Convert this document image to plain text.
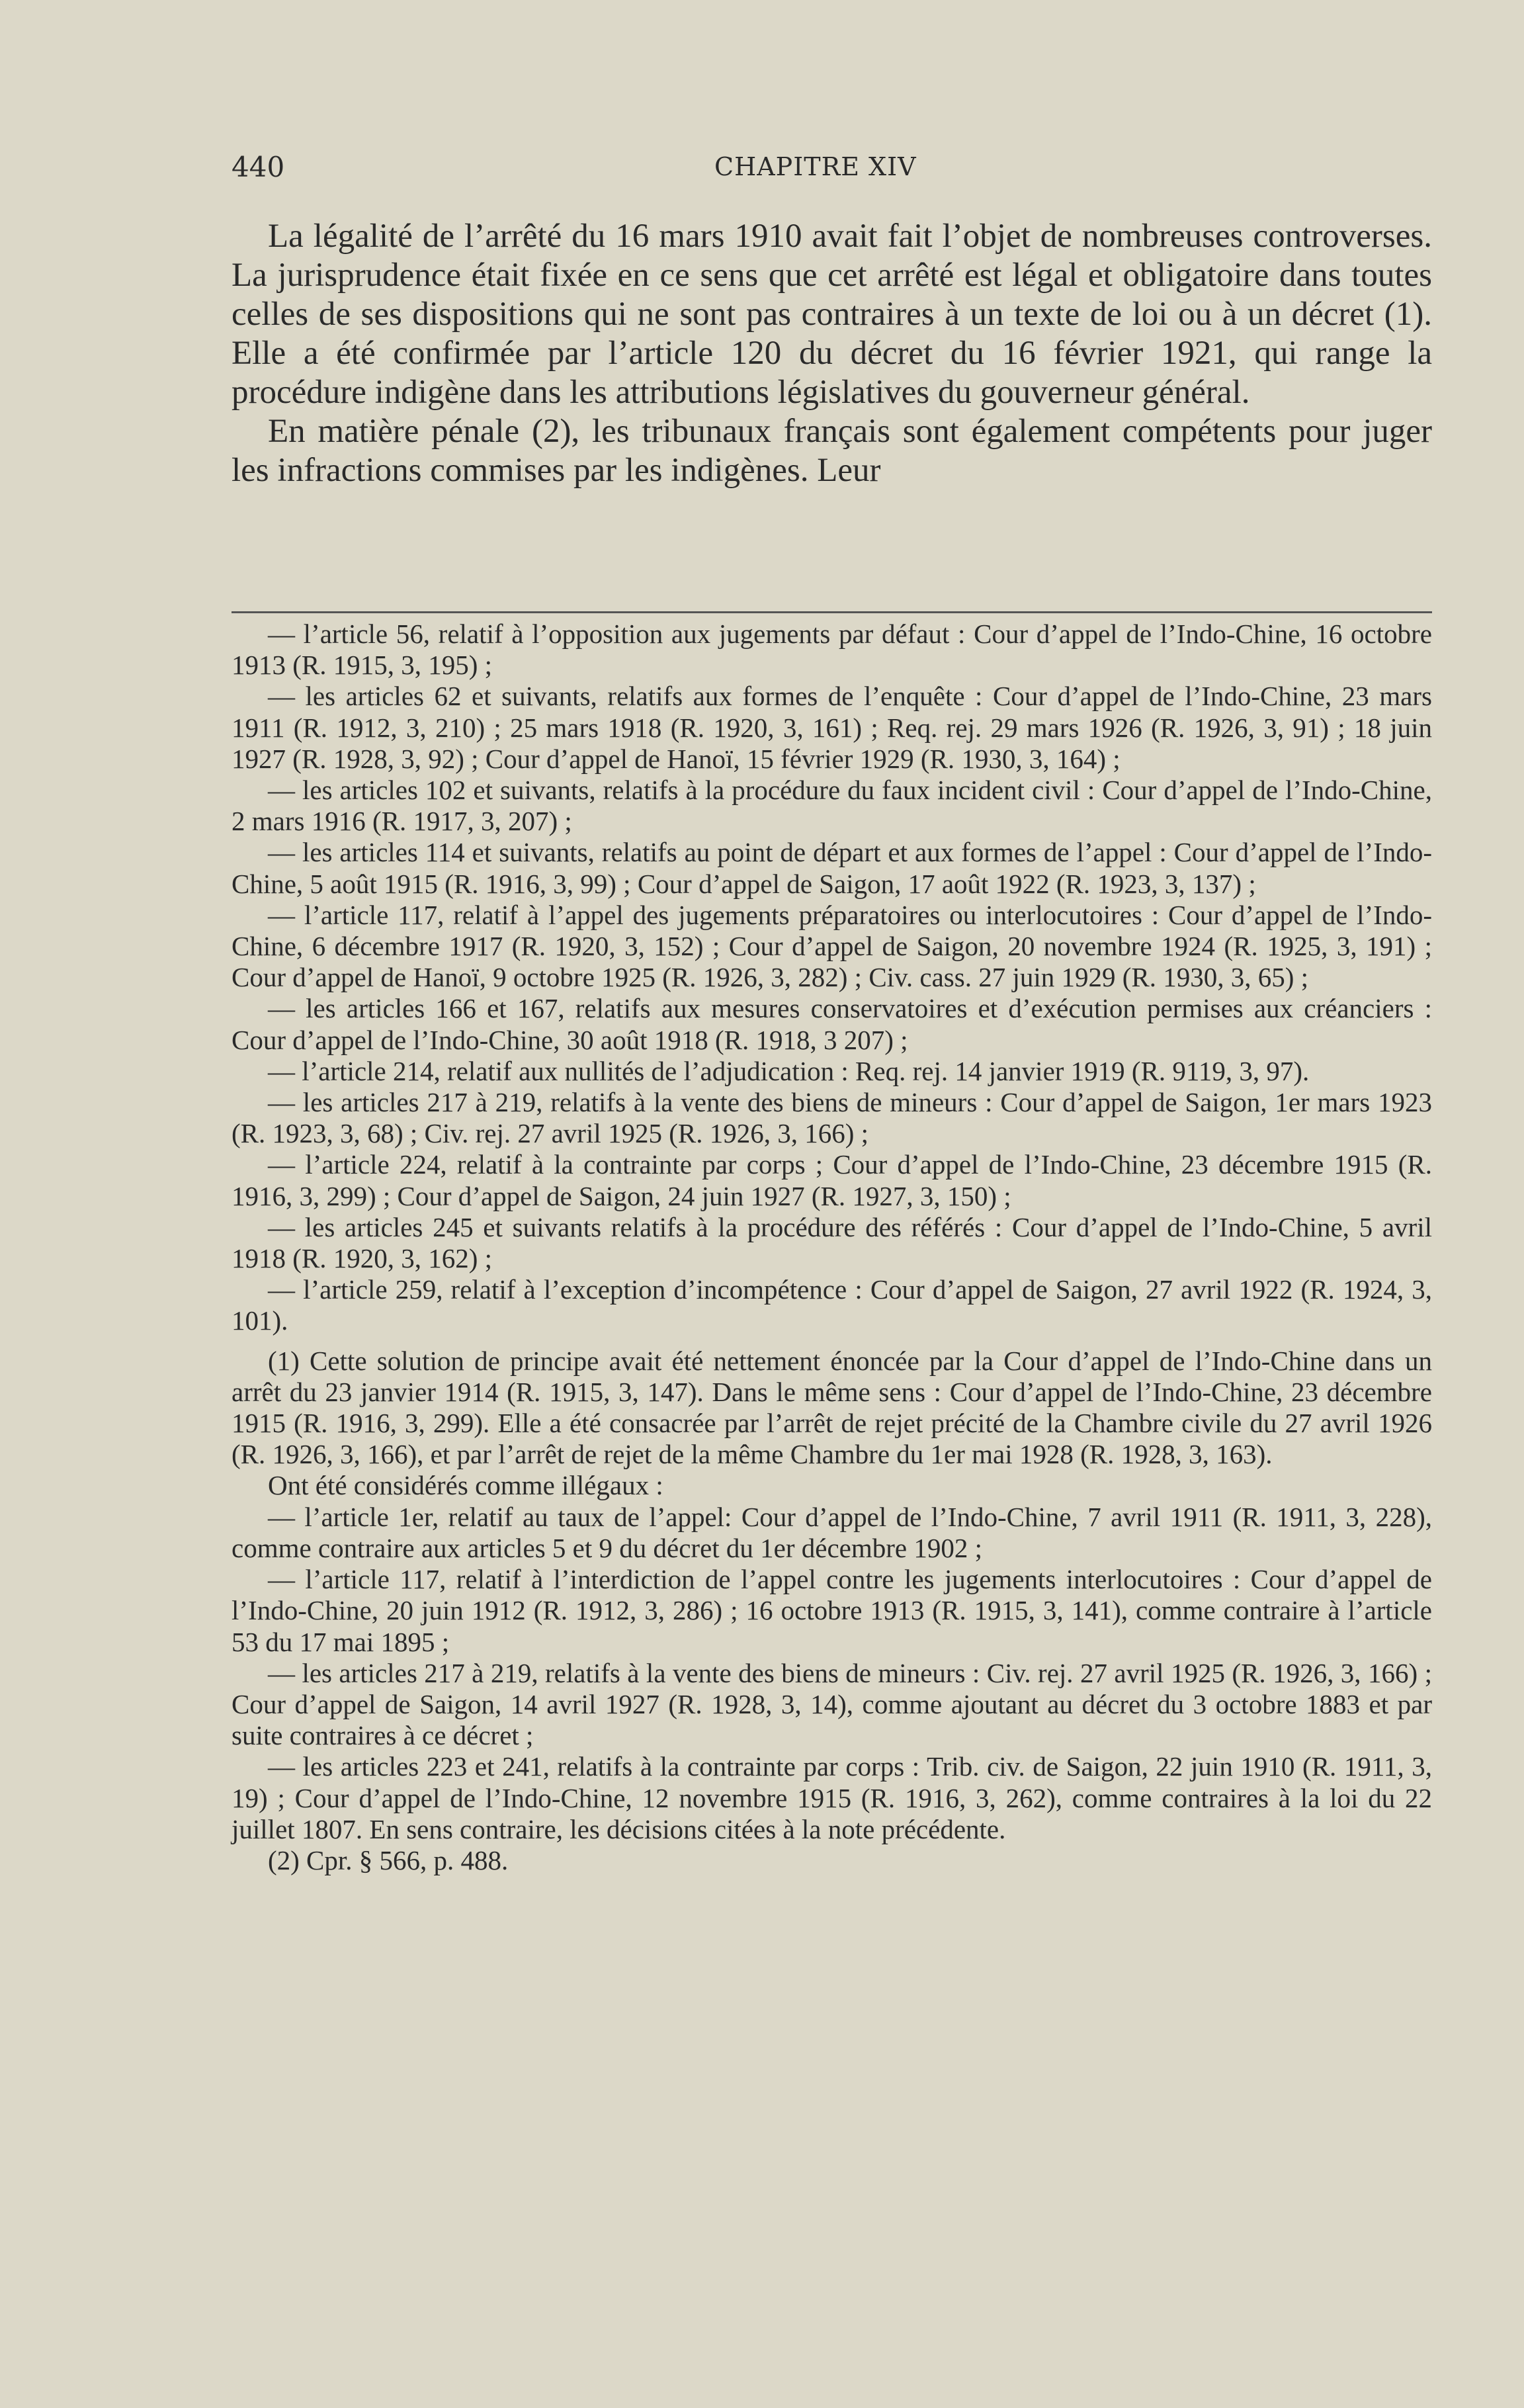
440	CHAPITRE XIV

La légalité de l’arrêté du 16 mars 1910 avait fait l’objet de nombreuses controverses. La jurisprudence était fixée en ce sens que cet arrêté est légal et obligatoire dans toutes celles de ses dispositions qui ne sont pas contraires à un texte de loi ou à un décret (1). Elle a été confirmée par l’article 120 du décret du 16 février 1921, qui range la procédure indigène dans les attributions législatives du gouverneur général.

En matière pénale (2), les tribunaux français sont également compétents pour juger les infractions commises par les indigènes. Leur

— l’article 56, relatif à l’opposition aux jugements par défaut : Cour d’appel de l’Indo-Chine, 16 octobre 1913 (R. 1915, 3, 195) ;

— les articles 62 et suivants, relatifs aux formes de l’enquête : Cour d’appel de l’Indo-Chine, 23 mars 1911 (R. 1912, 3, 210) ; 25 mars 1918 (R. 1920, 3, 161) ; Req. rej. 29 mars 1926 (R. 1926, 3, 91) ; 18 juin 1927 (R. 1928, 3, 92) ; Cour d’appel de Hanoï, 15 février 1929 (R. 1930, 3, 164) ;

— les articles 102 et suivants, relatifs à la procédure du faux incident civil : Cour d’appel de l’Indo-Chine, 2 mars 1916 (R. 1917, 3, 207) ;

— les articles 114 et suivants, relatifs au point de départ et aux formes de l’appel : Cour d’appel de l’Indo-Chine, 5 août 1915 (R. 1916, 3, 99) ; Cour d’appel de Saigon, 17 août 1922 (R. 1923, 3, 137) ;

— l’article 117, relatif à l’appel des jugements préparatoires ou interlocutoires : Cour d’appel de l’Indo-Chine, 6 décembre 1917 (R. 1920, 3, 152) ; Cour d’appel de Saigon, 20 novembre 1924 (R. 1925, 3, 191) ; Cour d’appel de Hanoï, 9 octobre 1925 (R. 1926, 3, 282) ; Civ. cass. 27 juin 1929 (R. 1930, 3, 65) ;

— les articles 166 et 167, relatifs aux mesures conservatoires et d’exécution permises aux créanciers : Cour d’appel de l’Indo-Chine, 30 août 1918 (R. 1918, 3 207) ;

— l’article 214, relatif aux nullités de l’adjudication : Req. rej. 14 janvier 1919 (R. 9119, 3, 97).

— les articles 217 à 219, relatifs à la vente des biens de mineurs : Cour d’appel de Saigon, 1er mars 1923 (R. 1923, 3, 68) ; Civ. rej. 27 avril 1925 (R. 1926, 3, 166) ;

— l’article 224, relatif à la contrainte par corps ; Cour d’appel de l’Indo-Chine, 23 décembre 1915 (R. 1916, 3, 299) ; Cour d’appel de Saigon, 24 juin 1927 (R. 1927, 3, 150) ;

— les articles 245 et suivants relatifs à la procédure des référés : Cour d’appel de l’Indo-Chine, 5 avril 1918 (R. 1920, 3, 162) ;

— l’article 259, relatif à l’exception d’incompétence : Cour d’appel de Saigon, 27 avril 1922 (R. 1924, 3, 101).

(1) Cette solution de principe avait été nettement énoncée par la Cour d’appel de l’Indo-Chine dans un arrêt du 23 janvier 1914 (R. 1915, 3, 147). Dans le même sens : Cour d’appel de l’Indo-Chine, 23 décembre 1915 (R. 1916, 3, 299). Elle a été consacrée par l’arrêt de rejet précité de la Chambre civile du 27 avril 1926 (R. 1926, 3, 166), et par l’arrêt de rejet de la même Chambre du 1er mai 1928 (R. 1928, 3, 163).

Ont été considérés comme illégaux :

— l’article 1er, relatif au taux de l’appel: Cour d’appel de l’Indo-Chine, 7 avril 1911 (R. 1911, 3, 228), comme contraire aux articles 5 et 9 du décret du 1er décembre 1902 ;

— l’article 117, relatif à l’interdiction de l’appel contre les jugements interlocutoires : Cour d’appel de l’Indo-Chine, 20 juin 1912 (R. 1912, 3, 286) ; 16 octobre 1913 (R. 1915, 3, 141), comme contraire à l’article 53 du 17 mai 1895 ;

— les articles 217 à 219, relatifs à la vente des biens de mineurs : Civ. rej. 27 avril 1925 (R. 1926, 3, 166) ; Cour d’appel de Saigon, 14 avril 1927 (R. 1928, 3, 14), comme ajoutant au décret du 3 octobre 1883 et par suite contraires à ce décret ;

— les articles 223 et 241, relatifs à la contrainte par corps : Trib. civ. de Saigon, 22 juin 1910 (R. 1911, 3, 19) ; Cour d’appel de l’Indo-Chine, 12 novembre 1915 (R. 1916, 3, 262), comme contraires à la loi du 22 juillet 1807. En sens contraire, les décisions citées à la note précédente.

(2) Cpr. § 566, p. 488.
